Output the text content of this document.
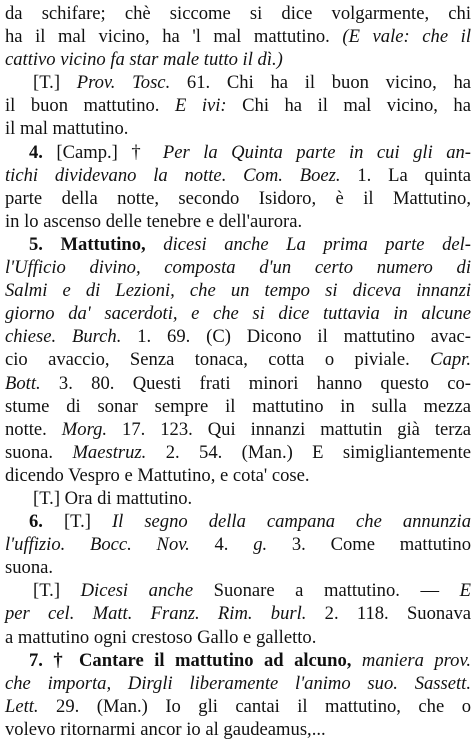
da schifare; chè siccome si dice volgarmente, chi
ha il mal vicino, ha 'l mal mattutino. (E vale: che il
cattivo vicino fa star male tutto il dì.)
[T.] Prov. Tosc. 61. Chi ha il buon vicino, ha
il buon mattutino. E ivi: Chi ha il mal vicino, ha
il mal mattutino.
4. [Camp.] † Per la Quinta parte in cui gli an-
tichi dividevano la notte. Com. Boez. 1. La quinta
parte della notte, secondo Isidoro, è il Mattutino,
in lo ascenso delle tenebre e dell'aurora.
5. Mattutino, dicesi anche La prima parte del-
l'Ufficio divino, composta d'un certo numero di
Salmi e di Lezioni, che un tempo si diceva innanzi
giorno da' sacerdoti, e che si dice tuttavia in alcune
chiese. Burch. 1. 69. (C) Dicono il mattutino avac-
cio avaccio, Senza tonaca, cotta o piviale. Capr.
Bott. 3. 80. Questi frati minori hanno questo co-
stume di sonar sempre il mattutino in sulla mezza
notte. Morg. 17. 123. Qui innanzi mattutin già terza
suona. Maestruz. 2. 54. (Man.) E simigliantemente
dicendo Vespro e Mattutino, e cota' cose.
[T.] Ora di mattutino.
6. [T.] Il segno della campana che annunzia
l'uffizio. Bocc. Nov. 4. g. 3. Come mattutino
suona.
[T.] Dicesi anche Suonare a mattutino. — E
per cel. Matt. Franz. Rim. burl. 2. 118. Suonava
a mattutino ogni crestoso Gallo e galletto.
7. † Cantare il mattutino ad alcuno, maniera prov.
che importa, Dirgli liberamente l'animo suo. Sassett.
Lett. 29. (Man.) Io gli cantai il mattutino, che o
volevo ritornarmi ancor io al gaudeamus,...
